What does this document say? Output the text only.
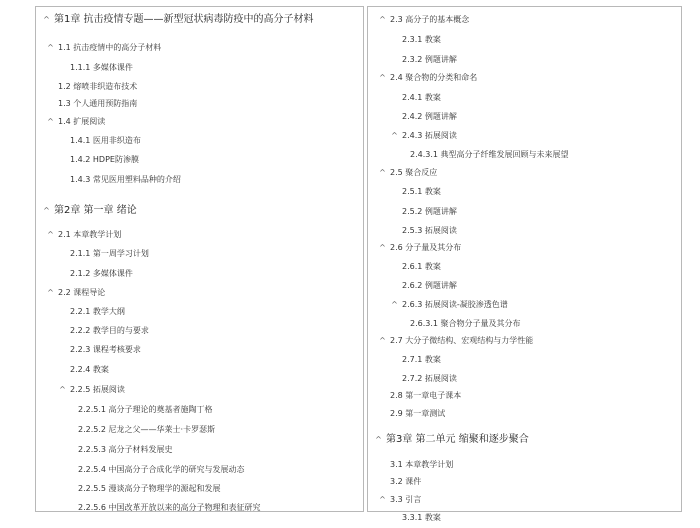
^ 第1章 抗击疫情专题——新型冠状病毒防疫中的高分子材料
^ 1.1 抗击疫情中的高分子材料
1.1.1 多媒体课件
1.2 熔喷非织造布技术
1.3 个人通用预防指南
^ 1.4 扩展阅读
1.4.1 医用非织造布
1.4.2 HDPE防渗膜
1.4.3 常见医用塑料品种的介绍
^ 第2章 第一章 绪论
^ 2.1 本章教学计划
2.1.1 第一周学习计划
2.1.2 多媒体课件
^ 2.2 课程导论
2.2.1 教学大纲
2.2.2 教学目的与要求
2.2.3 课程考核要求
2.2.4 教案
^ 2.2.5 拓展阅读
2.2.5.1 高分子理论的奠基者施陶丁格
2.2.5.2 尼龙之父——华莱士·卡罗瑟斯
2.2.5.3 高分子材料发展史
2.2.5.4 中国高分子合成化学的研究与发展动态
2.2.5.5 漫谈高分子物理学的源起和发展
2.2.5.6 中国改革开放以来的高分子物理和表征研究
^ 2.3 高分子的基本概念
2.3.1 教案
2.3.2 例题讲解
^ 2.4 聚合物的分类和命名
2.4.1 教案
2.4.2 例题讲解
^ 2.4.3 拓展阅读
2.4.3.1 典型高分子纤维发展回顾与未来展望
^ 2.5 聚合反应
2.5.1 教案
2.5.2 例题讲解
2.5.3 拓展阅读
^ 2.6 分子量及其分布
2.6.1 教案
2.6.2 例题讲解
^ 2.6.3 拓展阅读-凝胶渗透色谱
2.6.3.1 聚合物分子量及其分布
^ 2.7 大分子微结构、宏观结构与力学性能
2.7.1 教案
2.7.2 拓展阅读
2.8 第一章电子课本
2.9 第一章测试
^ 第3章 第二单元 缩聚和逐步聚合
3.1 本章教学计划
3.2 课件
^ 3.3 引言
3.3.1 教案
